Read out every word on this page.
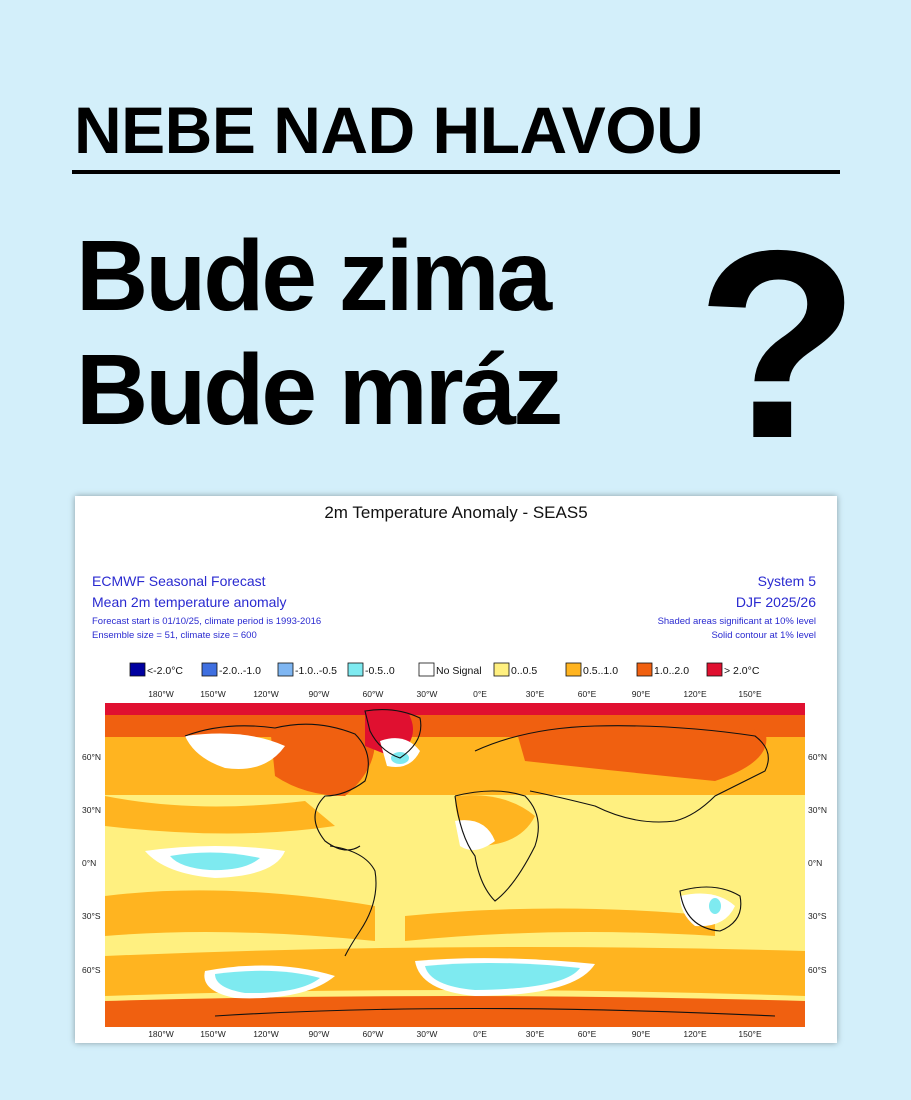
NEBE NAD HLAVOU
Bude zima
Bude mráz ?
2m Temperature Anomaly - SEAS5
ECMWF Seasonal Forecast
Mean 2m temperature anomaly
Forecast start is 01/10/25, climate period is 1993-2016
Ensemble size = 51, climate size = 600
System 5
DJF 2025/26
Shaded areas significant at 10% level
Solid contour at 1% level
<-2.0°C	-2.0..-1.0	-1.0..-0.5	-0.5..0	No Signal	0..0.5	0.5..1.0	1.0..2.0	> 2.0°C
180°W	150°W	120°W	90°W	60°W	30°W	0°E	30°E	60°E	90°E	120°E	150°E
180°W	150°W	120°W	90°W	60°W	30°W	0°E	30°E	60°E	90°E	120°E	150°E
60°N
30°N
0°N
30°S
60°S
60°N
30°N
0°N
30°S
60°S
